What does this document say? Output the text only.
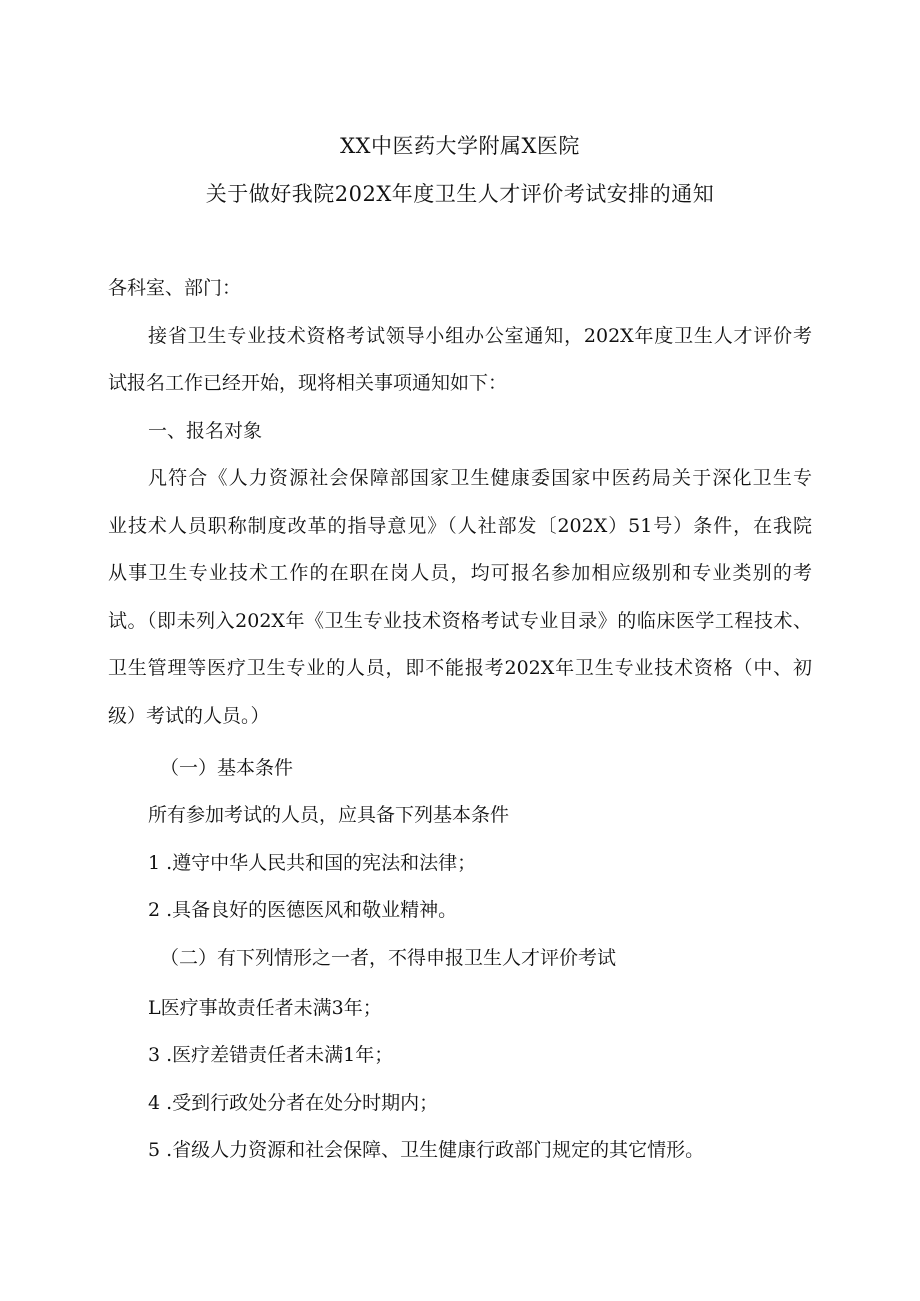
XX中医药大学附属X医院
关于做好我院202X年度卫生人才评价考试安排的通知
各科室、部门：
接省卫生专业技术资格考试领导小组办公室通知，202X年度卫生人才评价考
试报名工作已经开始，现将相关事项通知如下：
一、报名对象
凡符合《人力资源社会保障部国家卫生健康委国家中医药局关于深化卫生专
业技术人员职称制度改革的指导意见》（人社部发〔202X）51号）条件，在我院
从事卫生专业技术工作的在职在岗人员，均可报名参加相应级别和专业类别的考
试。（即未列入202X年《卫生专业技术资格考试专业目录》的临床医学工程技术、
卫生管理等医疗卫生专业的人员，即不能报考202X年卫生专业技术资格（中、初
级）考试的人员。）
（一）基本条件
所有参加考试的人员，应具备下列基本条件
1 .遵守中华人民共和国的宪法和法律；
2 .具备良好的医德医风和敬业精神。
（二）有下列情形之一者，不得申报卫生人才评价考试
L医疗事故责任者未满3年；
3 .医疗差错责任者未满1年；
4 .受到行政处分者在处分时期内；
5 .省级人力资源和社会保障、卫生健康行政部门规定的其它情形。
